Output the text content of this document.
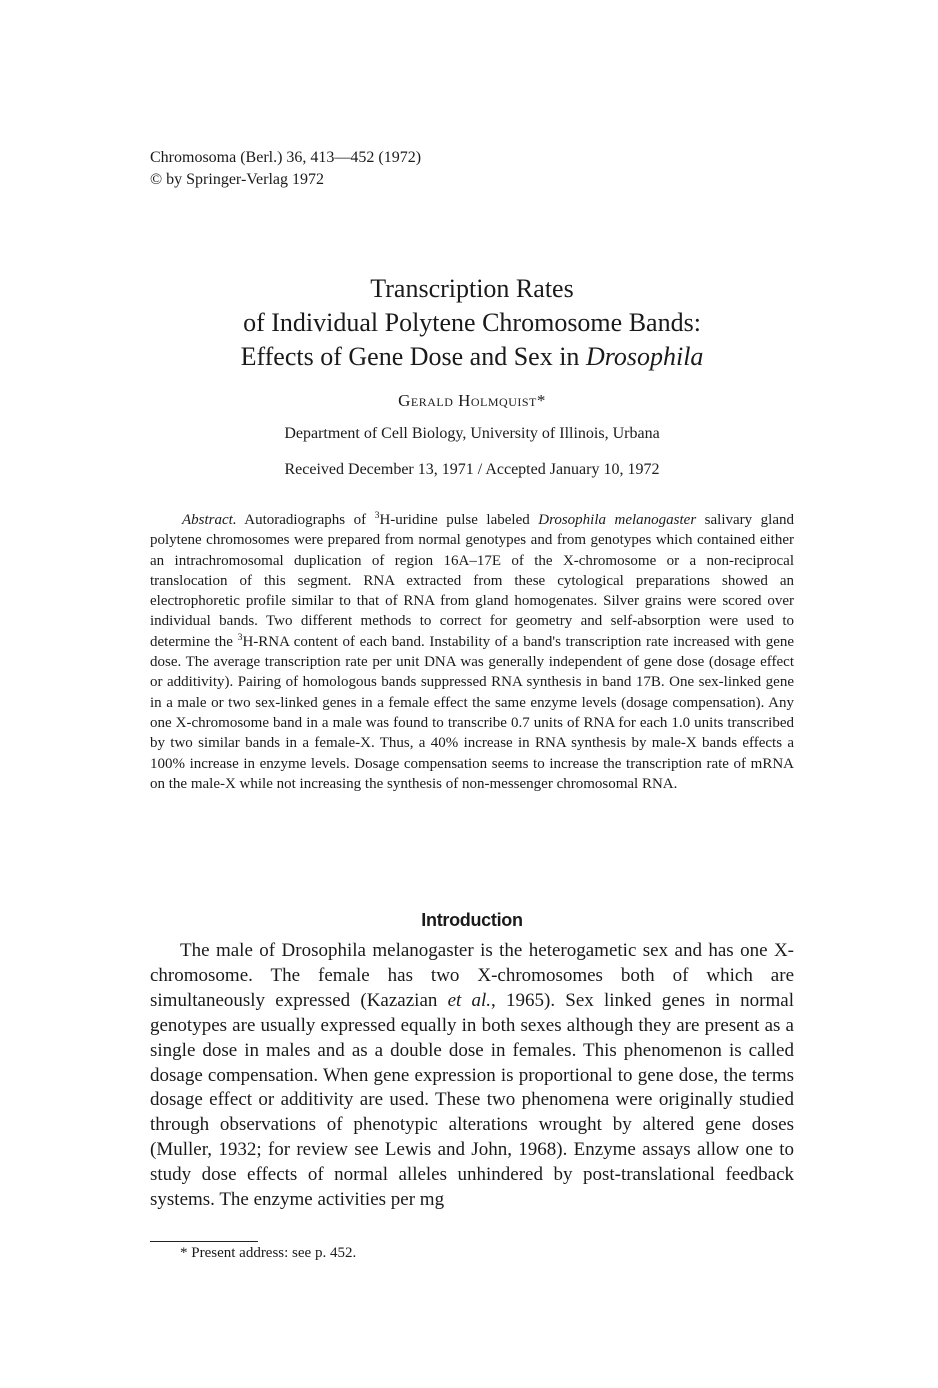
Chromosoma (Berl.) 36, 413—452 (1972)
© by Springer-Verlag 1972
Transcription Rates
of Individual Polytene Chromosome Bands:
Effects of Gene Dose and Sex in Drosophila
Gerald Holmquist*
Department of Cell Biology, University of Illinois, Urbana
Received December 13, 1971 / Accepted January 10, 1972
Abstract. Autoradiographs of $^3$H-uridine pulse labeled Drosophila melanogaster salivary gland polytene chromosomes were prepared from normal genotypes and from genotypes which contained either an intrachromosomal duplication of region 16A–17E of the X-chromosome or a non-reciprocal translocation of this segment. RNA extracted from these cytological preparations showed an electrophoretic profile similar to that of RNA from gland homogenates. Silver grains were scored over individual bands. Two different methods to correct for geometry and self-absorption were used to determine the $^3$H-RNA content of each band. Instability of a band's transcription rate increased with gene dose. The average transcription rate per unit DNA was generally independent of gene dose (dosage effect or additivity). Pairing of homologous bands suppressed RNA synthesis in band 17B. One sex-linked gene in a male or two sex-linked genes in a female effect the same enzyme levels (dosage compensation). Any one X-chromosome band in a male was found to transcribe 0.7 units of RNA for each 1.0 units transcribed by two similar bands in a female-X. Thus, a 40% increase in RNA synthesis by male-X bands effects a 100% increase in enzyme levels. Dosage compensation seems to increase the transcription rate of mRNA on the male-X while not increasing the synthesis of non-messenger chromosomal RNA.
Introduction
The male of Drosophila melanogaster is the heterogametic sex and has one X-chromosome. The female has two X-chromosomes both of which are simultaneously expressed (Kazazian et al., 1965). Sex linked genes in normal genotypes are usually expressed equally in both sexes although they are present as a single dose in males and as a double dose in females. This phenomenon is called dosage compensation. When gene expression is proportional to gene dose, the terms dosage effect or additivity are used. These two phenomena were originally studied through observations of phenotypic alterations wrought by altered gene doses (Muller, 1932; for review see Lewis and John, 1968). Enzyme assays allow one to study dose effects of normal alleles unhindered by post-translational feedback systems. The enzyme activities per mg
* Present address: see p. 452.
